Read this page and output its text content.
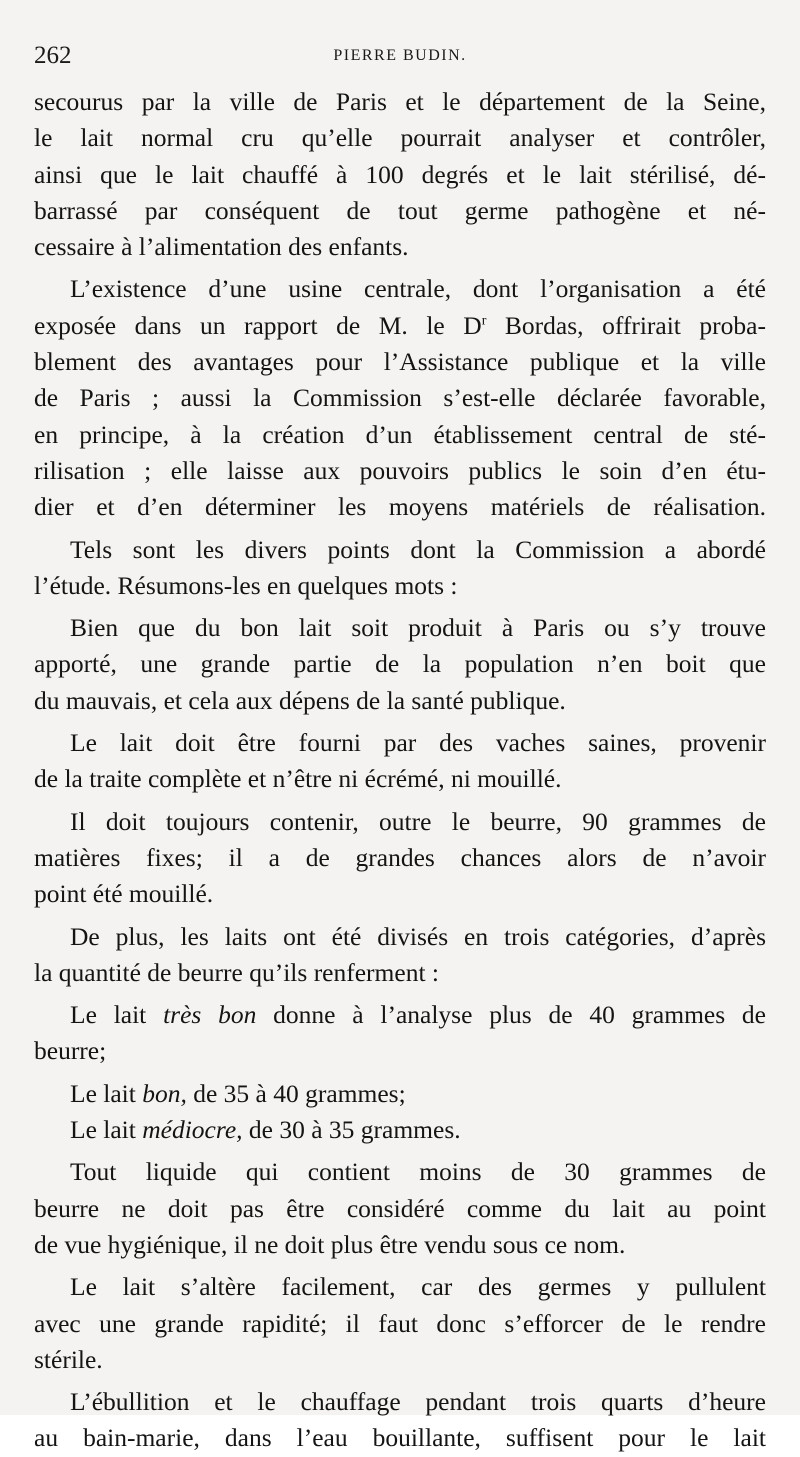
262	PIERRE BUDIN.
secourus par la ville de Paris et le département de la Seine,
le lait normal cru qu’elle pourrait analyser et contrôler,
ainsi que le lait chauffé à 100 degrés et le lait stérilisé, dé-
barrassé par conséquent de tout germe pathogène et né-
cessaire à l’alimentation des enfants.
L’existence d’une usine centrale, dont l’organisation a été
exposée dans un rapport de M. le $D^r$ Bordas, offrirait proba-
blement des avantages pour l’Assistance publique et la ville
de Paris ; aussi la Commission s’est-elle déclarée favorable,
en principe, à la création d’un établissement central de sté-
rilisation ; elle laisse aux pouvoirs publics le soin d’en étu-
dier et d’en déterminer les moyens matériels de réalisation.
Tels sont les divers points dont la Commission a abordé
l’étude. Résumons-les en quelques mots :
Bien que du bon lait soit produit à Paris ou s’y trouve
apporté, une grande partie de la population n’en boit que
du mauvais, et cela aux dépens de la santé publique.
Le lait doit être fourni par des vaches saines, provenir
de la traite complète et n’être ni écrémé, ni mouillé.
Il doit toujours contenir, outre le beurre, 90 grammes de
matières fixes; il a de grandes chances alors de n’avoir
point été mouillé.
De plus, les laits ont été divisés en trois catégories, d’après
la quantité de beurre qu’ils renferment :
Le lait très bon donne à l’analyse plus de 40 grammes de
beurre;
Le lait bon, de 35 à 40 grammes;
Le lait médiocre, de 30 à 35 grammes.
Tout liquide qui contient moins de 30 grammes de
beurre ne doit pas être considéré comme du lait au point
de vue hygiénique, il ne doit plus être vendu sous ce nom.
Le lait s’altère facilement, car des germes y pullulent
avec une grande rapidité; il faut donc s’efforcer de le rendre
stérile.
L’ébullition et le chauffage pendant trois quarts d’heure
au bain-marie, dans l’eau bouillante, suffisent pour le lait
